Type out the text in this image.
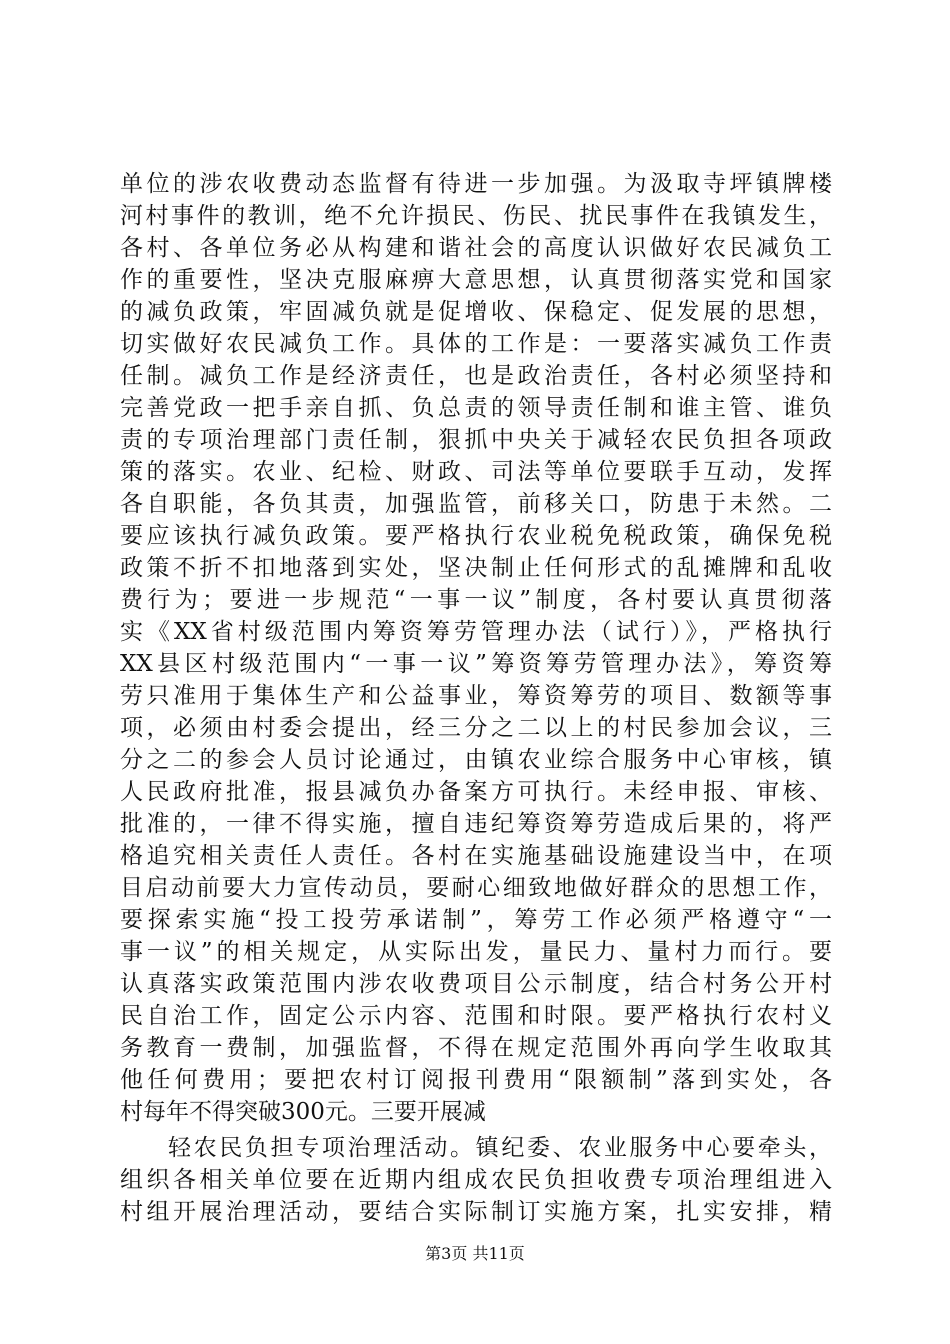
单位的涉农收费动态监督有待进一步加强。为汲取寺坪镇牌楼
河村事件的教训，绝不允许损民、伤民、扰民事件在我镇发生，
各村、各单位务必从构建和谐社会的高度认识做好农民减负工
作的重要性，坚决克服麻痹大意思想，认真贯彻落实党和国家
的减负政策，牢固减负就是促增收、保稳定、促发展的思想，
切实做好农民减负工作。具体的工作是：一要落实减负工作责
任制。减负工作是经济责任，也是政治责任，各村必须坚持和
完善党政一把手亲自抓、负总责的领导责任制和谁主管、谁负
责的专项治理部门责任制，狠抓中央关于减轻农民负担各项政
策的落实。农业、纪检、财政、司法等单位要联手互动，发挥
各自职能，各负其责，加强监管，前移关口，防患于未然。二
要应该执行减负政策。要严格执行农业税免税政策，确保免税
政策不折不扣地落到实处，坚决制止任何形式的乱摊牌和乱收
费行为；要进一步规范“一事一议”制度，各村要认真贯彻落
实《XX省村级范围内筹资筹劳管理办法（试行）》，严格执行
XX县区村级范围内“一事一议”筹资筹劳管理办法》，筹资筹
劳只准用于集体生产和公益事业，筹资筹劳的项目、数额等事
项，必须由村委会提出，经三分之二以上的村民参加会议，三
分之二的参会人员讨论通过，由镇农业综合服务中心审核，镇
人民政府批准，报县减负办备案方可执行。未经申报、审核、
批准的，一律不得实施，擅自违纪筹资筹劳造成后果的，将严
格追究相关责任人责任。各村在实施基础设施建设当中，在项
目启动前要大力宣传动员，要耐心细致地做好群众的思想工作，
要探索实施“投工投劳承诺制”，筹劳工作必须严格遵守“一
事一议”的相关规定，从实际出发，量民力、量村力而行。要
认真落实政策范围内涉农收费项目公示制度，结合村务公开村
民自治工作，固定公示内容、范围和时限。要严格执行农村义
务教育一费制，加强监督，不得在规定范围外再向学生收取其
他任何费用；要把农村订阅报刊费用“限额制”落到实处，各
村每年不得突破300元。三要开展减
轻农民负担专项治理活动。镇纪委、农业服务中心要牵头，
组织各相关单位要在近期内组成农民负担收费专项治理组进入
村组开展治理活动，要结合实际制订实施方案，扎实安排，精
第3页 共11页
